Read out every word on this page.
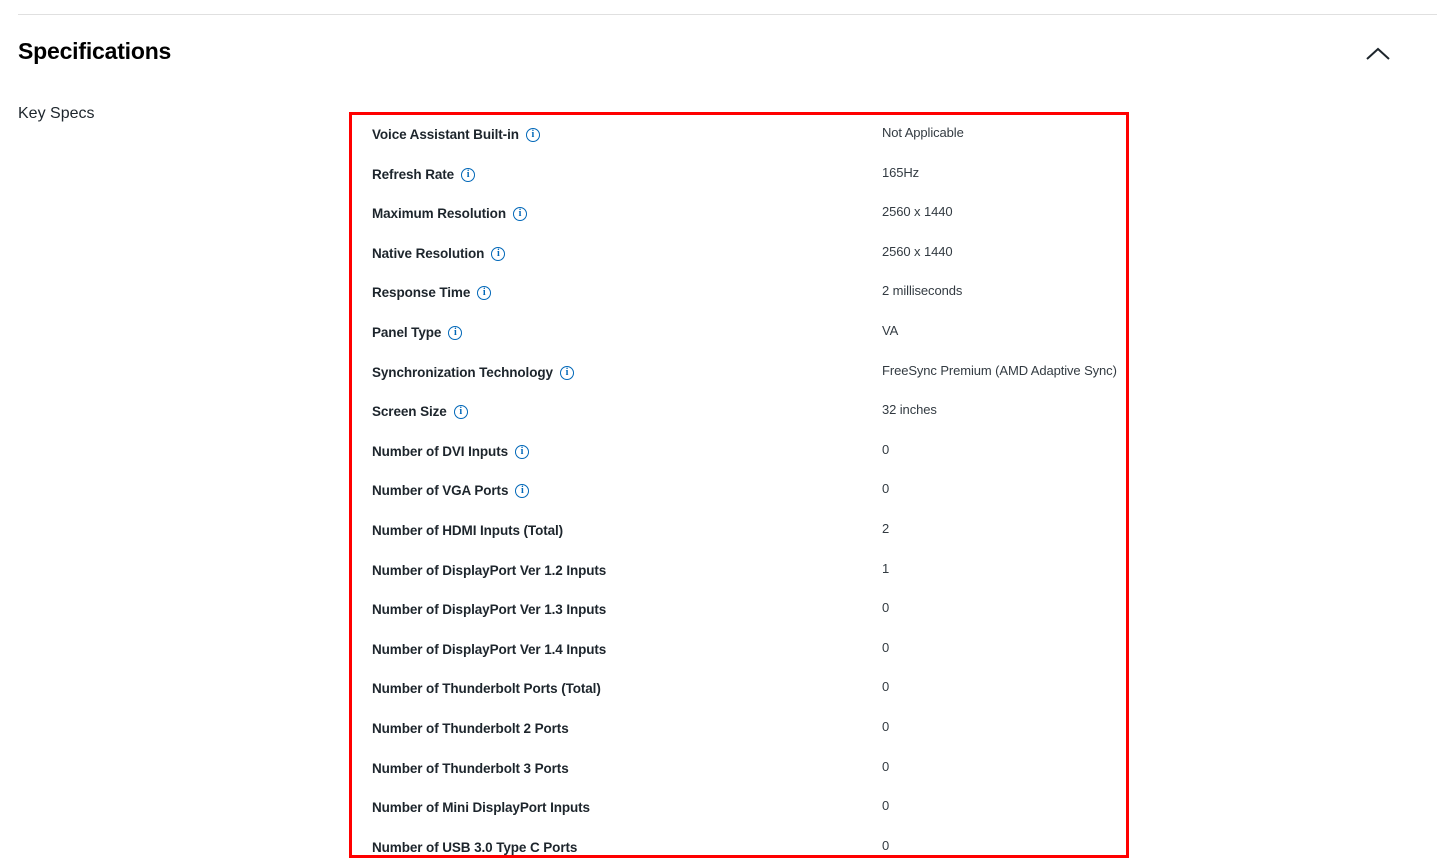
Specifications
Key Specs
Voice Assistant Built-in	i	Not Applicable
Refresh Rate	i	165Hz
Maximum Resolution	i	2560 x 1440
Native Resolution	i	2560 x 1440
Response Time	i	2 milliseconds
Panel Type	i	VA
Synchronization Technology	i	FreeSync Premium (AMD Adaptive Sync)
Screen Size	i	32 inches
Number of DVI Inputs	i	0
Number of VGA Ports	i	0
Number of HDMI Inputs (Total)	2
Number of DisplayPort Ver 1.2 Inputs	1
Number of DisplayPort Ver 1.3 Inputs	0
Number of DisplayPort Ver 1.4 Inputs	0
Number of Thunderbolt Ports (Total)	0
Number of Thunderbolt 2 Ports	0
Number of Thunderbolt 3 Ports	0
Number of Mini DisplayPort Inputs	0
Number of USB 3.0 Type C Ports	0
